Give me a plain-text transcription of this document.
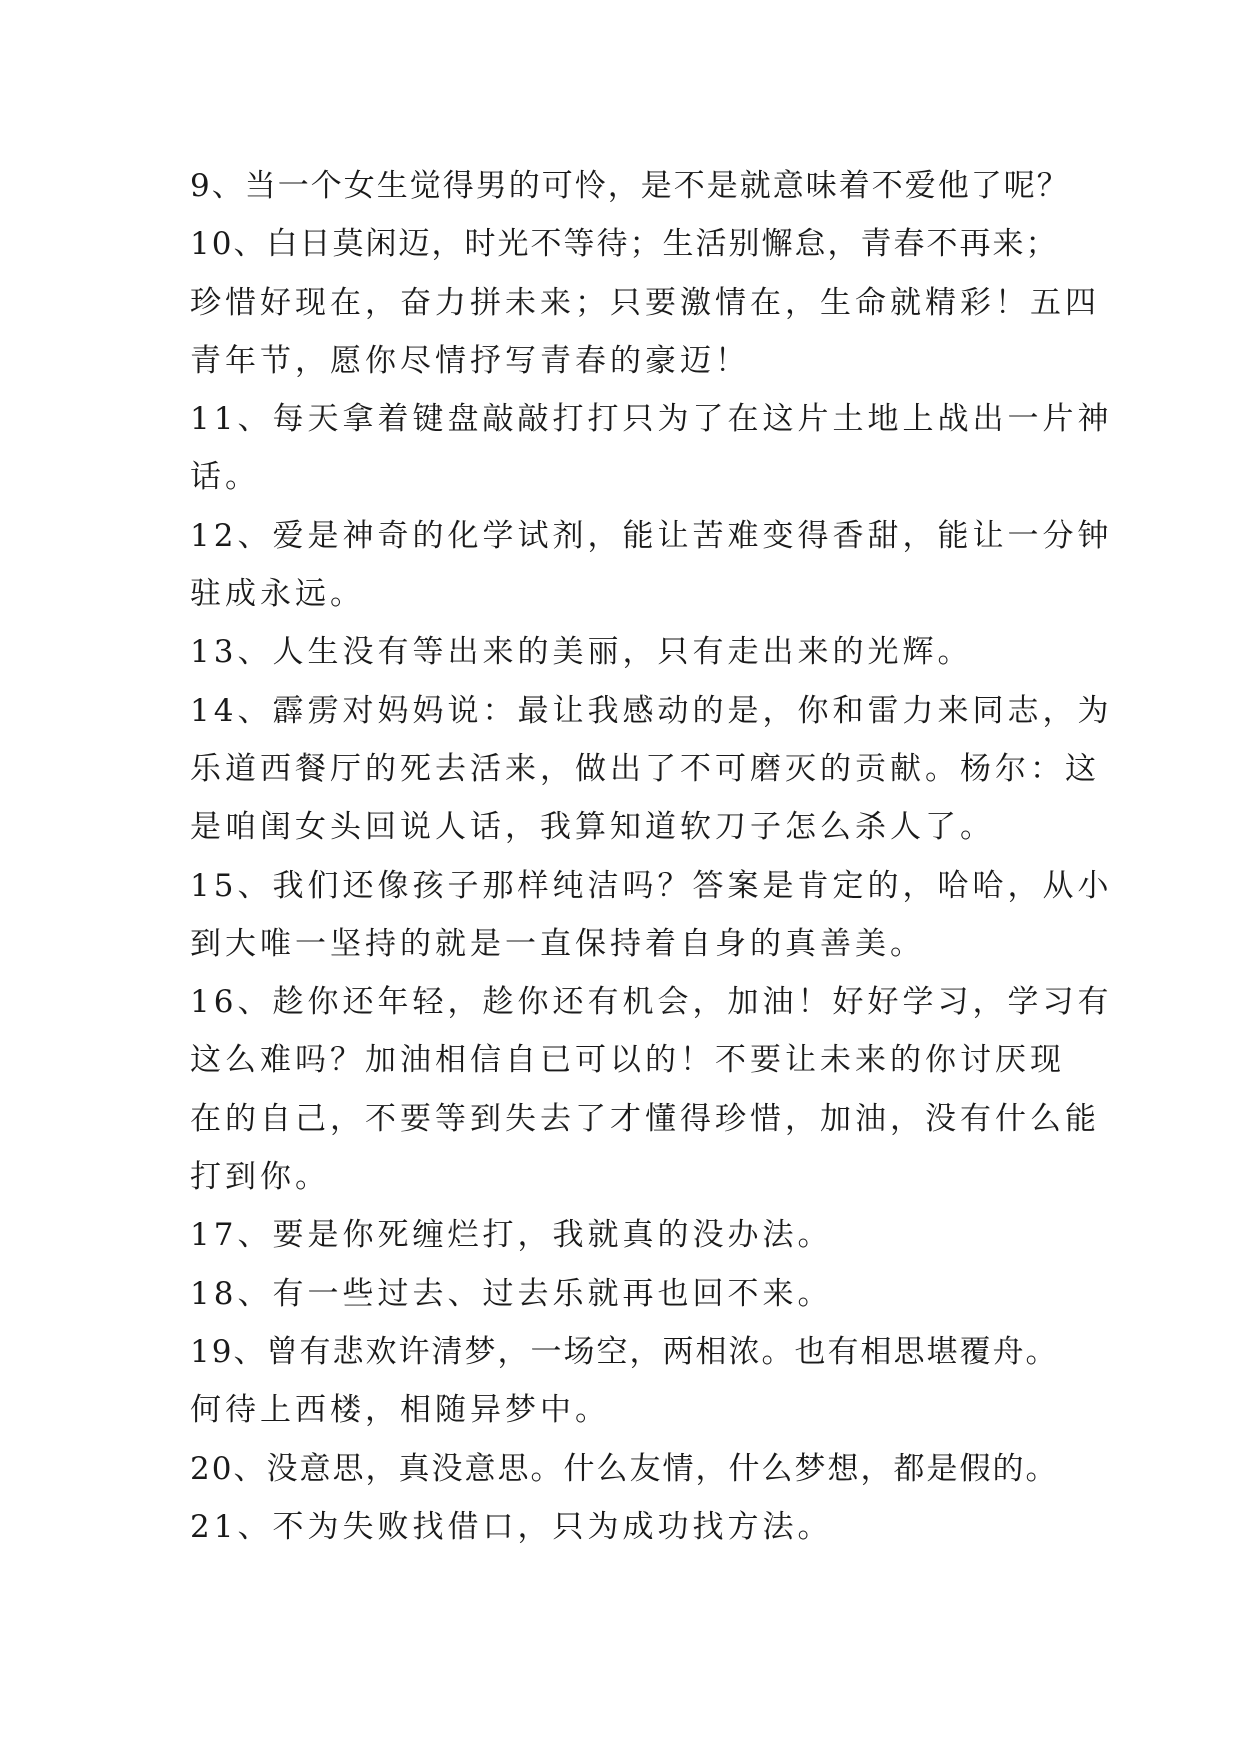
9、当一个女生觉得男的可怜，是不是就意味着不爱他了呢？
10、白日莫闲迈，时光不等待；生活别懈怠，青春不再来；
珍惜好现在，奋力拼未来；只要激情在，生命就精彩！五四
青年节，愿你尽情抒写青春的豪迈！
11、每天拿着键盘敲敲打打只为了在这片土地上战出一片神
话。
12、爱是神奇的化学试剂，能让苦难变得香甜，能让一分钟
驻成永远。
13、人生没有等出来的美丽，只有走出来的光辉。
14、霹雳对妈妈说：最让我感动的是，你和雷力来同志，为
乐道西餐厅的死去活来，做出了不可磨灭的贡献。杨尔：这
是咱闺女头回说人话，我算知道软刀子怎么杀人了。
15、我们还像孩子那样纯洁吗？答案是肯定的，哈哈，从小
到大唯一坚持的就是一直保持着自身的真善美。
16、趁你还年轻，趁你还有机会，加油！好好学习，学习有
这么难吗？加油相信自已可以的！不要让未来的你讨厌现
在的自己，不要等到失去了才懂得珍惜，加油，没有什么能
打到你。
17、要是你死缠烂打，我就真的没办法。
18、有一些过去、过去乐就再也回不来。
19、曾有悲欢许清梦，一场空，两相浓。也有相思堪覆舟。
何待上西楼，相随异梦中。
20、没意思，真没意思。什么友情，什么梦想，都是假的。
21、不为失败找借口，只为成功找方法。
